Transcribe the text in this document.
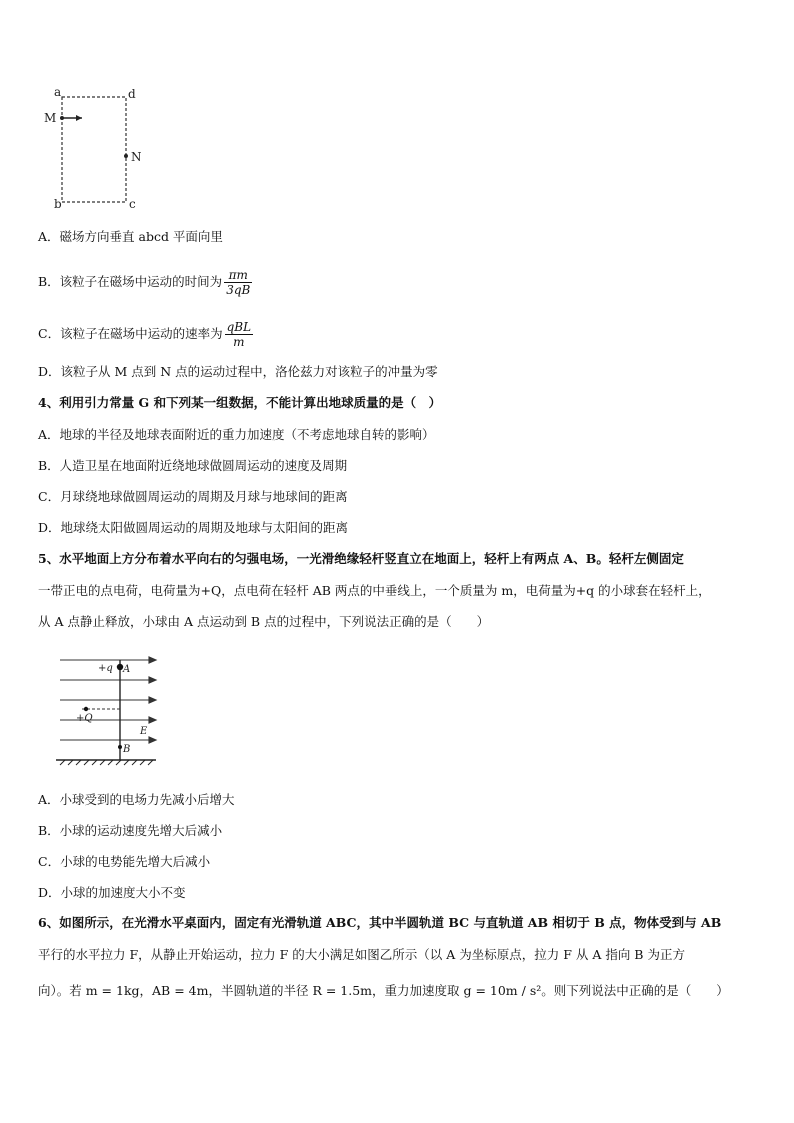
a	d
b	c
M
N
A．磁场方向垂直 abcd 平面向里
B．该粒子在磁场中运动的时间为 $\frac{\pi m}{3qB}$
C．该粒子在磁场中运动的速率为 $\frac{\text{qBL}}{m}$
D．该粒子从 M 点到 N 点的运动过程中，洛伦兹力对该粒子的冲量为零
4、利用引力常量 G 和下列某一组数据，不能计算出地球质量的是（　）
A．地球的半径及地球表面附近的重力加速度（不考虑地球自转的影响）
B．人造卫星在地面附近绕地球做圆周运动的速度及周期
C．月球绕地球做圆周运动的周期及月球与地球间的距离
D．地球绕太阳做圆周运动的周期及地球与太阳间的距离
5、水平地面上方分布着水平向右的匀强电场，一光滑绝缘轻杆竖直立在地面上，轻杆上有两点 A、B。轻杆左侧固定
一带正电的点电荷，电荷量为+Q，点电荷在轻杆 AB 两点的中垂线上，一个质量为 m，电荷量为+q 的小球套在轻杆上，
从 A 点静止释放，小球由 A 点运动到 B 点的过程中，下列说法正确的是（　　）
+q A
+Q
E
B
A．小球受到的电场力先减小后增大
B．小球的运动速度先增大后减小
C．小球的电势能先增大后减小
D．小球的加速度大小不变
6、如图所示，在光滑水平桌面内，固定有光滑轨道 ABC，其中半圆轨道 BC 与直轨道 AB 相切于 B 点，物体受到与 AB
平行的水平拉力 F，从静止开始运动，拉力 F 的大小满足如图乙所示（以 A 为坐标原点，拉力 F 从 A 指向 B 为正方
向）。若 m = 1kg，AB = 4m，半圆轨道的半径 R = 1.5m，重力加速度取 g = 10m / s²。则下列说法中正确的是（　　）
